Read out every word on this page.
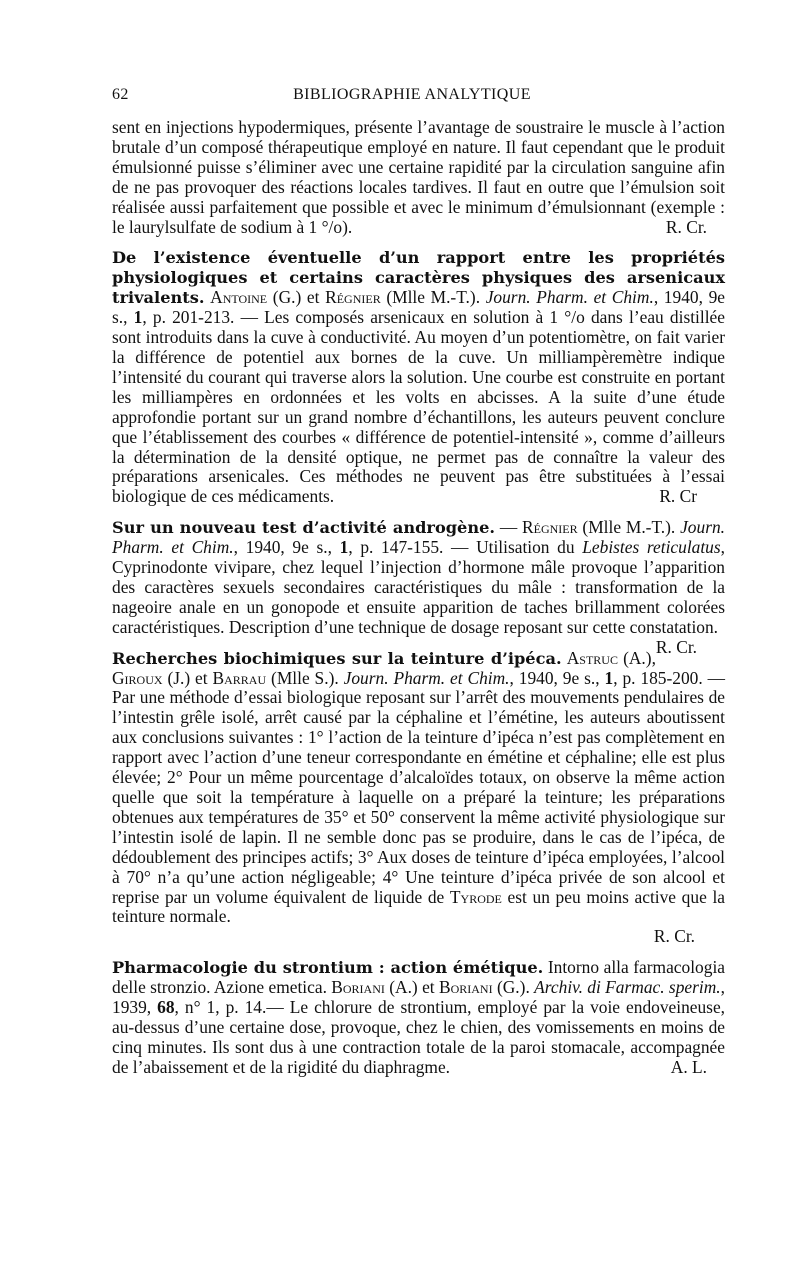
62	BIBLIOGRAPHIE ANALYTIQUE

sent en injections hypodermiques, présente l’avantage de soustraire le muscle à l’action brutale d’un composé thérapeutique employé en nature. Il faut cependant que le produit émulsionné puisse s’éliminer avec une certaine rapidité par la circulation sanguine afin de ne pas provoquer des réactions locales tardives. Il faut en outre que l’émulsion soit réalisée aussi parfaitement que possible et avec le minimum d’émulsionnant (exemple : le laurylsulfate de sodium à 1 °/o).	R. Cr.

De l’existence éventuelle d’un rapport entre les propriétés physiologiques et certains caractères physiques des arsenicaux trivalents. Antoine (G.) et Régnier (Mlle M.-T.). Journ. Pharm. et Chim., 1940, 9e s., 1, p. 201-213. — Les composés arsenicaux en solution à 1 °/o dans l’eau distillée sont introduits dans la cuve à conductivité. Au moyen d’un potentiomètre, on fait varier la différence de potentiel aux bornes de la cuve. Un milliampèremètre indique l’intensité du courant qui traverse alors la solution. Une courbe est construite en portant les milliampères en ordonnées et les volts en abcisses. A la suite d’une étude approfondie portant sur un grand nombre d’échantillons, les auteurs peuvent conclure que l’établissement des courbes « différence de potentiel-intensité », comme d’ailleurs la détermination de la densité optique, ne permet pas de connaître la valeur des préparations arsenicales. Ces méthodes ne peuvent pas être substituées à l’essai biologique de ces médicaments.	R. Cr

Sur un nouveau test d’activité androgène. — Régnier (Mlle M.-T.). Journ. Pharm. et Chim., 1940, 9e s., 1, p. 147-155. — Utilisation du Lebistes reticulatus, Cyprinodonte vivipare, chez lequel l’injection d’hormone mâle provoque l’apparition des caractères sexuels secondaires caractéristiques du mâle : transformation de la nageoire anale en un gonopode et ensuite apparition de taches brillamment colorées caractéristiques. Description d’une technique de dosage reposant sur cette constatation.
R. Cr.

Recherches biochimiques sur la teinture d’ipéca. Astruc (A.), Giroux (J.) et Barrau (Mlle S.). Journ. Pharm. et Chim., 1940, 9e s., 1, p. 185-200. — Par une méthode d’essai biologique reposant sur l’arrêt des mouvements pendulaires de l’intestin grêle isolé, arrêt causé par la céphaline et l’émétine, les auteurs aboutissent aux conclusions suivantes : 1° l’action de la teinture d’ipéca n’est pas complètement en rapport avec l’action d’une teneur correspondante en émétine et céphaline; elle est plus élevée; 2° Pour un même pourcentage d’alcaloïdes totaux, on observe la même action quelle que soit la température à laquelle on a préparé la teinture; les préparations obtenues aux températures de 35° et 50° conservent la même activité physiologique sur l’intestin isolé de lapin. Il ne semble donc pas se produire, dans le cas de l’ipéca, de dédoublement des principes actifs; 3° Aux doses de teinture d’ipéca employées, l’alcool à 70° n’a qu’une action négligeable; 4° Une teinture d’ipéca privée de son alcool et reprise par un volume équivalent de liquide de Tyrode est un peu moins active que la teinture normale.

R. Cr.

Pharmacologie du strontium : action émétique. Intorno alla farmacologia delle stronzio. Azione emetica. Boriani (A.) et Boriani (G.). Archiv. di Farmac. sperim., 1939, 68, n° 1, p. 14.— Le chlorure de strontium, employé par la voie endoveineuse, au-dessus d’une certaine dose, provoque, chez le chien, des vomissements en moins de cinq minutes. Ils sont dus à une contraction totale de la paroi stomacale, accompagnée de l’abaissement et de la rigidité du diaphragme.	A. L.
